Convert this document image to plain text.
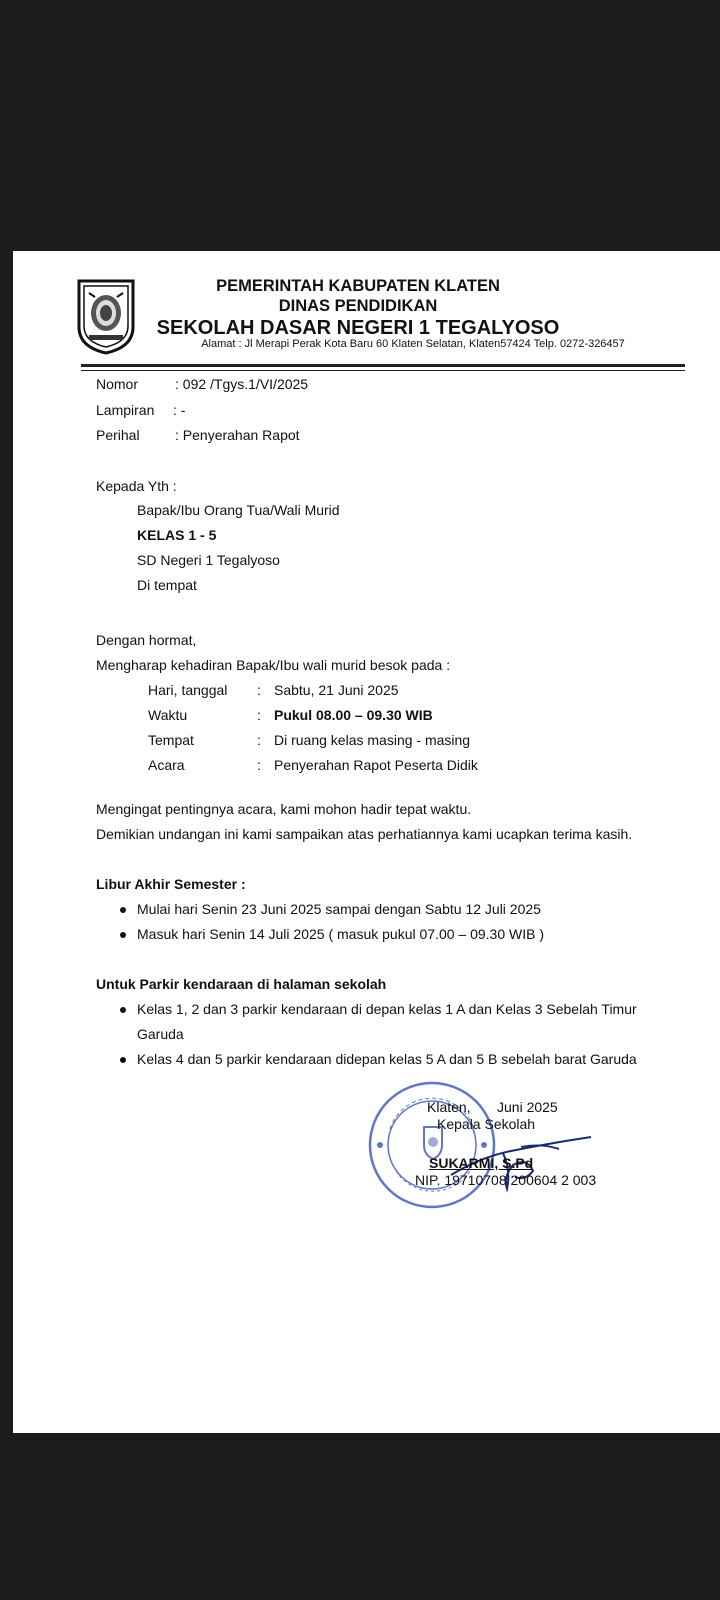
PEMERINTAH KABUPATEN KLATEN
DINAS PENDIDIKAN
SEKOLAH DASAR NEGERI 1 TEGALYOSO
Alamat : Jl Merapi Perak Kota Baru 60 Klaten Selatan, Klaten57424 Telp. 0272-326457
Nomor	: 092 /Tgys.1/VI/2025
Lampiran : -
Perihal	: Penyerahan Rapot
Kepada Yth :
Bapak/Ibu Orang Tua/Wali Murid
KELAS 1 - 5
SD Negeri 1 Tegalyoso
Di tempat
Dengan hormat,
Mengharap kehadiran Bapak/Ibu wali murid besok pada :
Hari, tanggal : Sabtu, 21 Juni 2025
Waktu	: Pukul 08.00 – 09.30 WIB
Tempat	: Di ruang kelas masing - masing
Acara	: Penyerahan Rapot Peserta Didik
Mengingat pentingnya acara, kami mohon hadir tepat waktu.
Demikian undangan ini kami sampaikan atas perhatiannya kami ucapkan terima kasih.
Libur Akhir Semester :
Mulai hari Senin 23 Juni 2025 sampai dengan Sabtu 12 Juli 2025
Masuk hari Senin 14 Juli 2025 ( masuk pukul 07.00 – 09.30 WIB )
Untuk Parkir kendaraan di halaman sekolah
Kelas 1, 2 dan 3 parkir kendaraan di depan kelas 1 A dan Kelas 3 Sebelah Timur
Garuda
Kelas 4 dan 5 parkir kendaraan didepan kelas 5 A dan 5 B sebelah barat Garuda
Klaten, Juni 2025
Kepala Sekolah
SUKARMI, S.Pd
NIP. 19710708 200604 2 003
